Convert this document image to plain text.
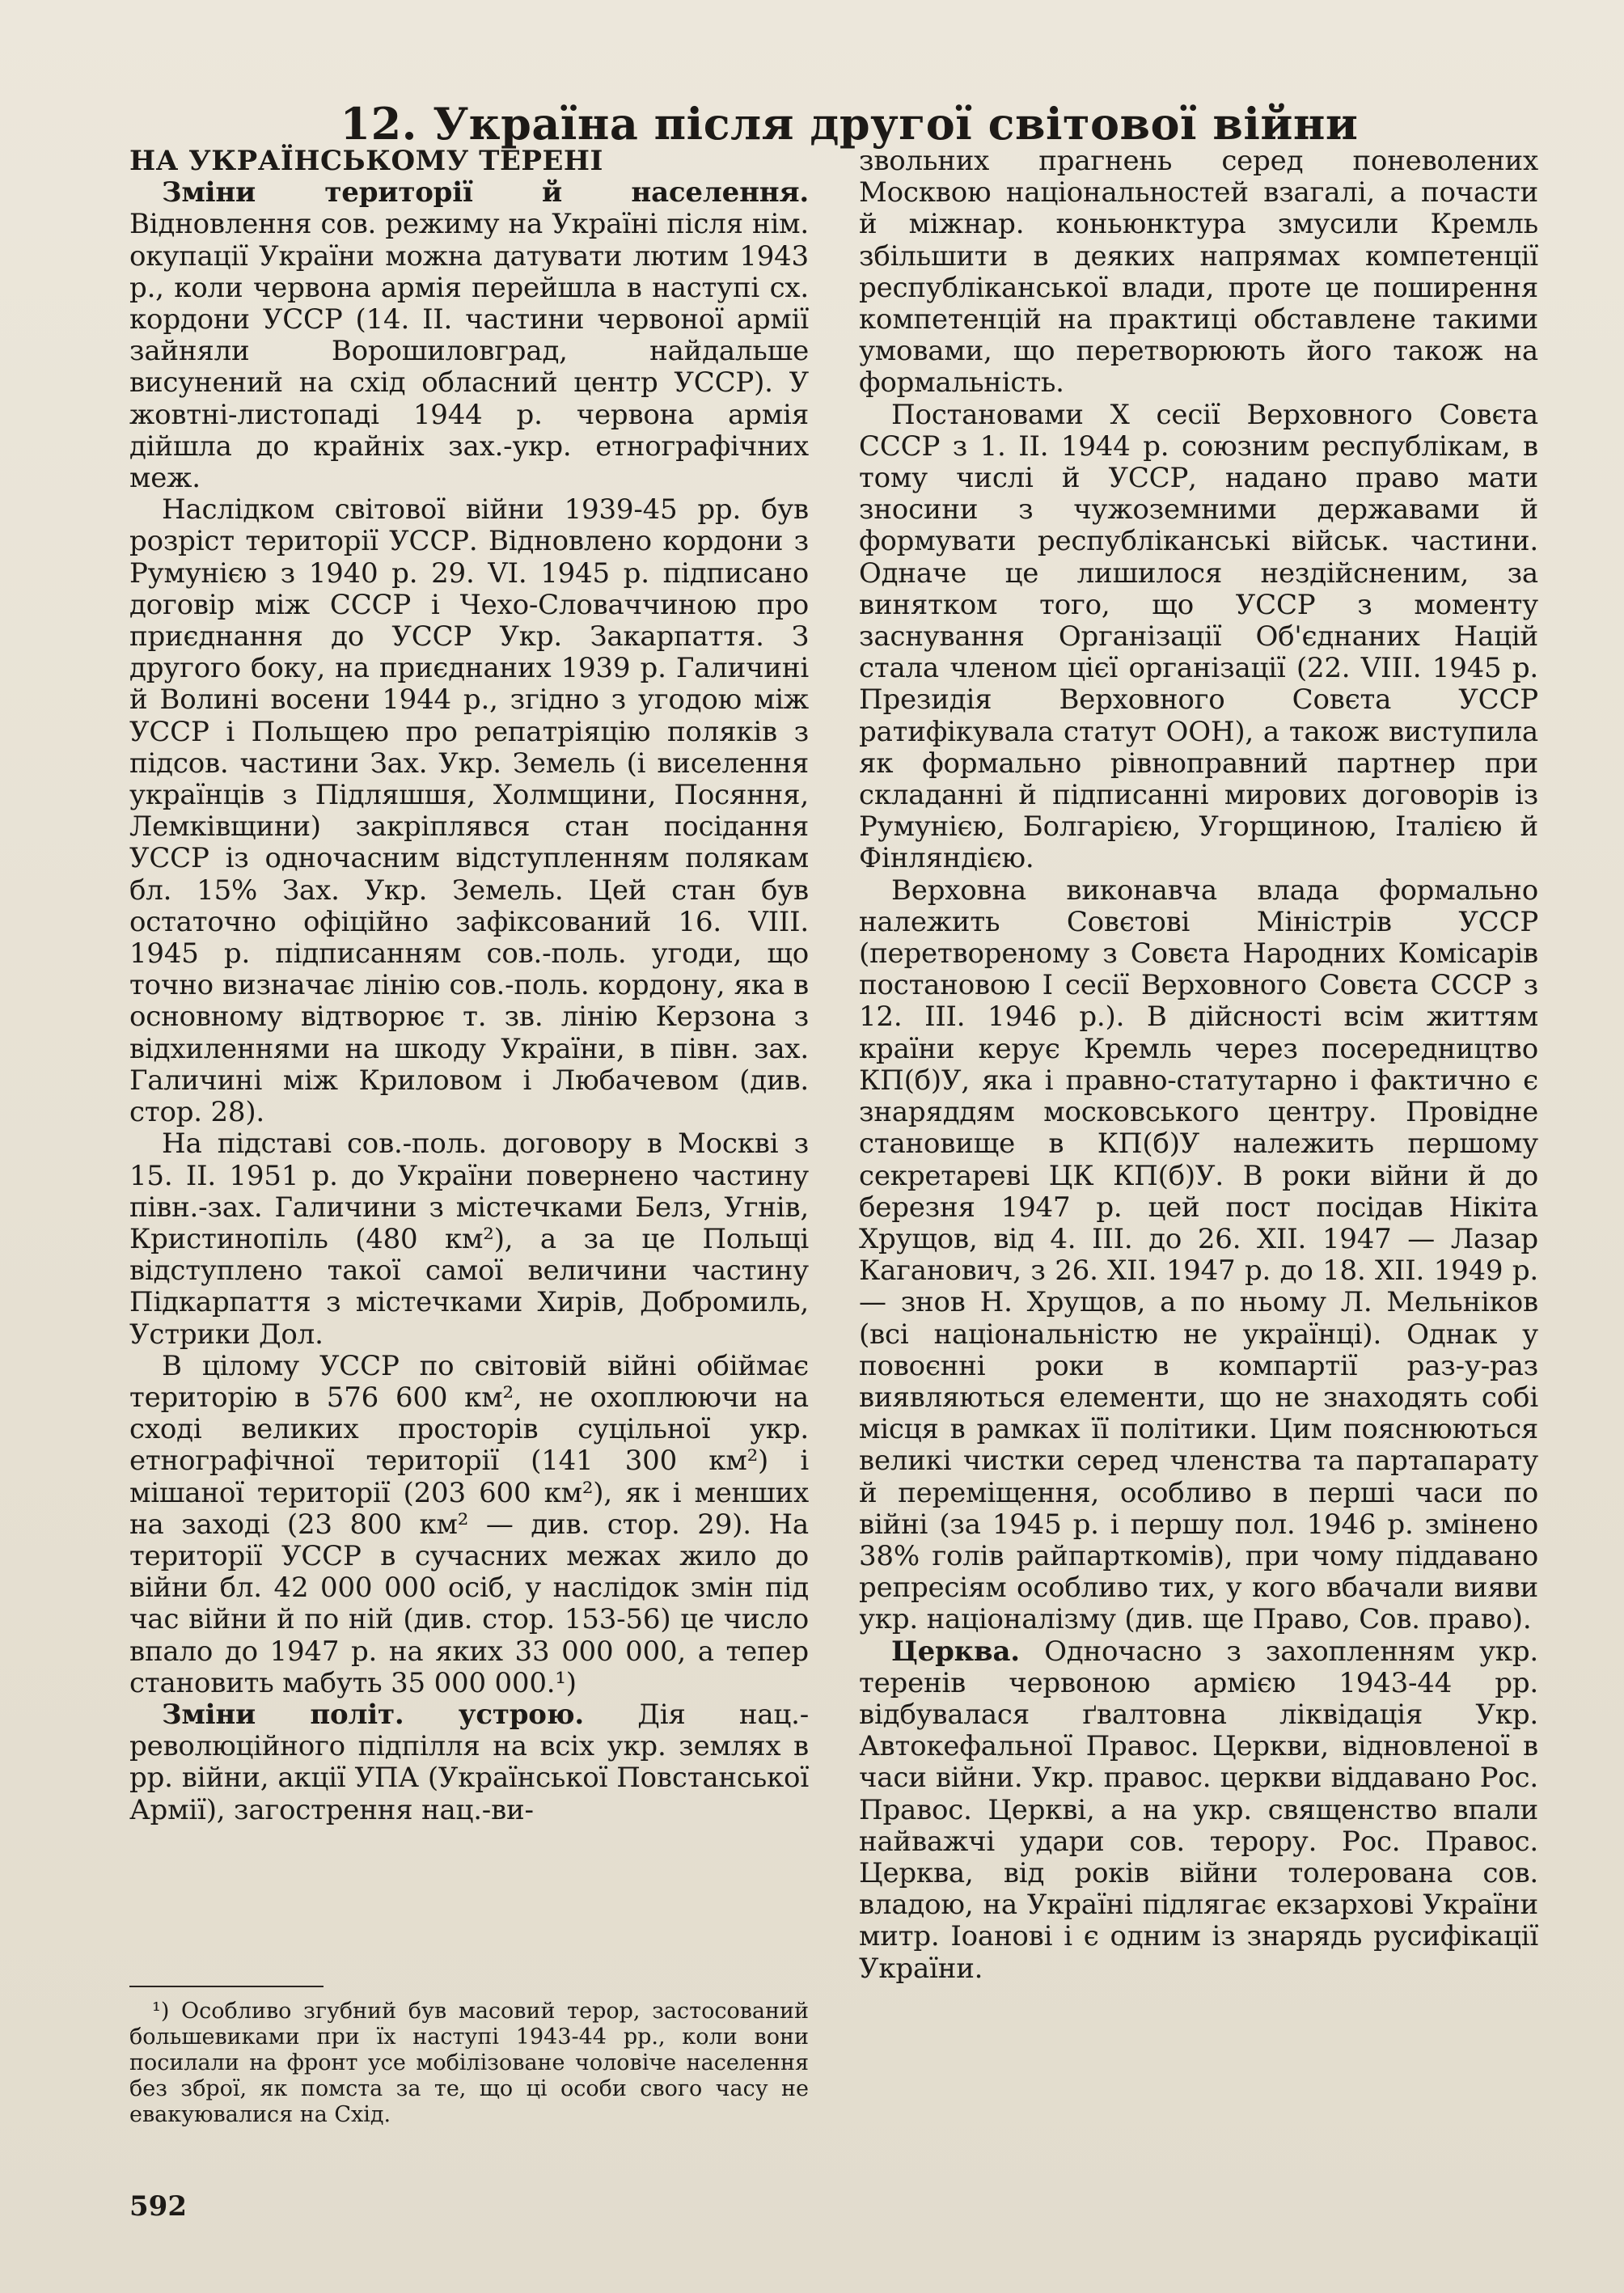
12. Україна після другої світової війни
НА УКРАЇНСЬКОМУ ТЕРЕНІ

Зміни території й населення. Відновлення сов. режиму на Україні після нім. окупації України можна датувати лютим 1943 р., коли червона армія перейшла в наступі сх. кордони УССР (14. II. частини червоної армії зайняли Ворошиловград, найдальше висунений на схід обласний центр УССР). У жовтні-листопаді 1944 р. червона армія дійшла до крайніх зах.-укр. етнографічних меж.

Наслідком світової війни 1939-45 рр. був розріст території УССР. Відновлено кордони з Румунією з 1940 р. 29. VI. 1945 р. підписано договір між СССР і Чехо-Словаччиною про приєднання до УССР Укр. Закарпаття. З другого боку, на приєднаних 1939 р. Галичині й Волині восени 1944 р., згідно з угодою між УССР і Польщею про репатріяцію поляків з підсов. частини Зах. Укр. Земель (і виселення українців з Підляшшя, Холмщини, Посяння, Лемківщини) закріплявся стан посідання УССР із одночасним відступленням полякам бл. 15% Зах. Укр. Земель. Цей стан був остаточно офіційно зафіксований 16. VIII. 1945 р. підписанням сов.-поль. угоди, що точно визначає лінію сов.-поль. кордону, яка в основному відтворює т. зв. лінію Керзона з відхиленнями на шкоду України, в півн. зах. Галичині між Криловом і Любачевом (див. стор. 28).

На підставі сов.-поль. договору в Москві з 15. II. 1951 р. до України повернено частину півн.-зах. Галичини з містечками Белз, Угнів, Кристинопіль (480 км²), а за це Польщі відступлено такої самої величини частину Підкарпаття з містечками Хирів, Добромиль, Устрики Дол.

В цілому УССР по світовій війні обіймає територію в 576 600 км², не охоплюючи на сході великих просторів суцільної укр. етнографічної території (141 300 км²) і мішаної території (203 600 км²), як і менших на заході (23 800 км² — див. стор. 29). На території УССР в сучасних межах жило до війни бл. 42 000 000 осіб, у наслідок змін під час війни й по ній (див. стор. 153-56) це число впало до 1947 р. на яких 33 000 000, а тепер становить мабуть 35 000 000.¹)

Зміни політ. устрою. Дія нац.-революційного підпілля на всіх укр. землях в рр. війни, акції УПА (Української Повстанської Армії), загострення нац.-ви-

¹) Особливо згубний був масовий терор, застосований большевиками при їх наступі 1943-44 рр., коли вони посилали на фронт усе мобілізоване чоловіче населення без зброї, як помста за те, що ці особи свого часу не евакуювалися на Схід.

592

звольних прагнень серед поневолених Москвою національностей взагалі, а почасти й міжнар. коньюнктура змусили Кремль збільшити в деяких напрямах компетенції республіканської влади, проте це поширення компетенцій на практиці обставлене такими умовами, що перетворюють його також на формальність.

Постановами X сесії Верховного Совєта СССР з 1. II. 1944 р. союзним республікам, в тому числі й УССР, надано право мати зносини з чужоземними державами й формувати республіканські військ. частини. Одначе це лишилося нездійсненим, за винятком того, що УССР з моменту заснування Організації Об'єднаних Націй стала членом цієї організації (22. VIII. 1945 р. Президія Верховного Совєта УССР ратифікувала статут ООН), а також виступила як формально рівноправний партнер при складанні й підписанні мирових договорів із Румунією, Болгарією, Угорщиною, Італією й Фінляндією.

Верховна виконавча влада формально належить Совєтові Міністрів УССР (перетвореному з Совєта Народних Комісарів постановою I сесії Верховного Совєта СССР з 12. III. 1946 р.). В дійсності всім життям країни керує Кремль через посередництво КП(б)У, яка і правно-статутарно і фактично є знаряддям московського центру. Провідне становище в КП(б)У належить першому секретареві ЦК КП(б)У. В роки війни й до березня 1947 р. цей пост посідав Нікіта Хрущов, від 4. III. до 26. XII. 1947 — Лазар Каганович, з 26. XII. 1947 р. до 18. XII. 1949 р. — знов Н. Хрущов, а по ньому Л. Мельніков (всі національністю не українці). Однак у повоєнні роки в компартії раз-у-раз виявляються елементи, що не знаходять собі місця в рамках її політики. Цим пояснюються великі чистки серед членства та партапарату й переміщення, особливо в перші часи по війні (за 1945 р. і першу пол. 1946 р. змінено 38% голів райпарткомів), при чому піддавано репресіям особливо тих, у кого вбачали вияви укр. націоналізму (див. ще Право, Сов. право).

Церква. Одночасно з захопленням укр. теренів червоною армією 1943-44 рр. відбувалася ґвалтовна ліквідація Укр. Автокефальної Правос. Церкви, відновленої в часи війни. Укр. правос. церкви віддавано Рос. Правос. Церкві, а на укр. священство впали найважчі удари сов. терору. Рос. Правос. Церква, від років війни толерована сов. владою, на Україні підлягає екзархові України митр. Іоанові і є одним із знарядь русифікації України.
